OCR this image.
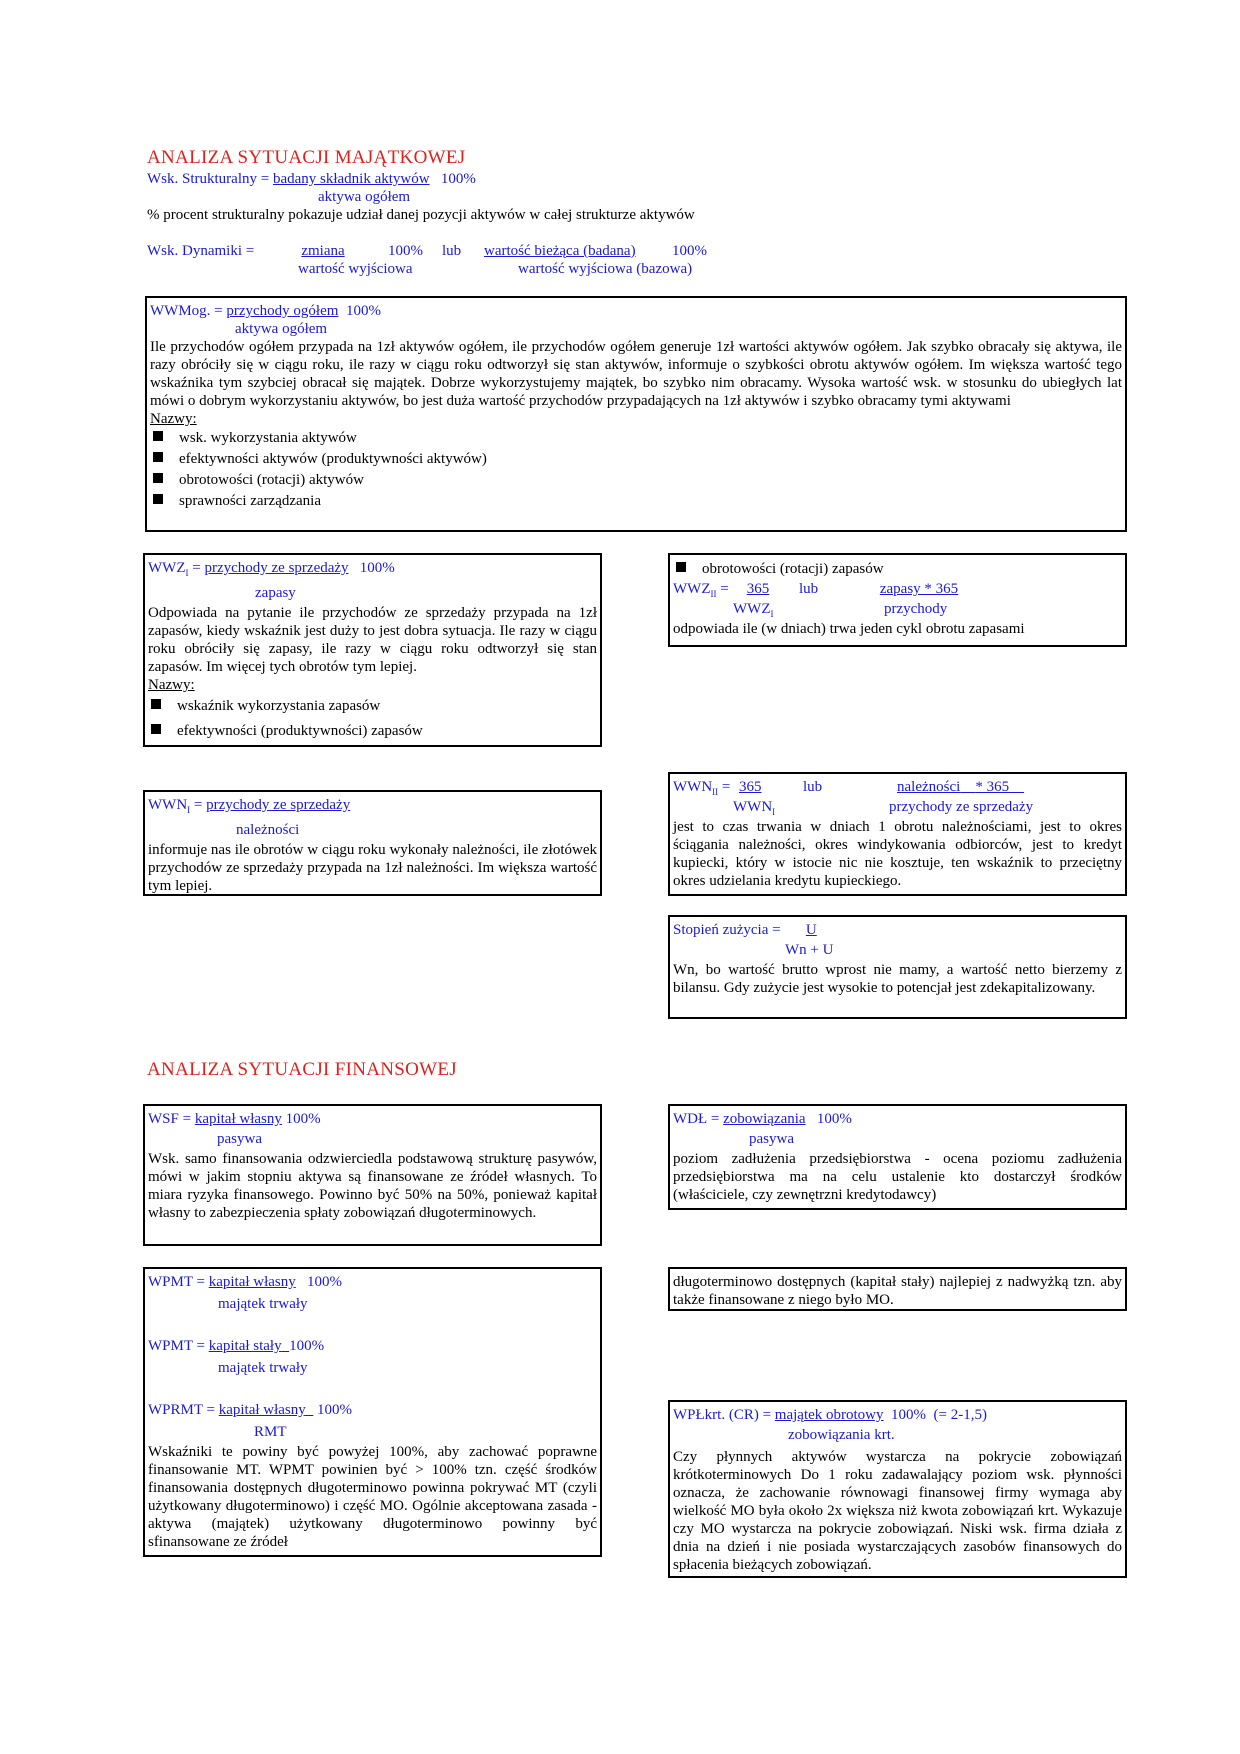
ANALIZA SYTUACJI MAJĄTKOWEJ
Wsk. Strukturalny = badany składnik aktywów 100%
aktywa ogółem
% procent strukturalny pokazuje udział danej pozycji aktywów w całej strukturze aktywów
Wsk. Dynamiki =	zmiana	100% lub wartość bieżąca (badana)	100%
wartość wyjściowa	wartość wyjściowa (bazowa)
WWMog. = przychody ogółem 100%
aktywa ogółem
Ile przychodów ogółem przypada na 1zł aktywów ogółem, ile przychodów ogółem generuje 1zł wartości aktywów ogółem. Jak szybko obracały się aktywa, ile razy obróciły się w ciągu roku, ile razy w ciągu roku odtworzył się stan aktywów, informuje o szybkości obrotu aktywów ogółem. Im większa wartość tego wskaźnika tym szybciej obracał się majątek. Dobrze wykorzystujemy majątek, bo szybko nim obracamy. Wysoka wartość wsk. w stosunku do ubiegłych lat mówi o dobrym wykorzystaniu aktywów, bo jest duża wartość przychodów przypadających na 1zł aktywów i szybko obracamy tymi aktywami
Nazwy:
wsk. wykorzystania aktywów
efektywności aktywów (produktywności aktywów)
obrotowości (rotacji) aktywów
sprawności zarządzania
$WWZ_I$ = przychody ze sprzedaży 100%
zapasy
Odpowiada na pytanie ile przychodów ze sprzedaży przypada na 1zł zapasów, kiedy wskaźnik jest duży to jest dobra sytuacja. Ile razy w ciągu roku obróciły się zapasy, ile razy w ciągu roku odtworzył się stan zapasów. Im więcej tych obrotów tym lepiej.
Nazwy:
wskaźnik wykorzystania zapasów
efektywności (produktywności) zapasów
obrotowości (rotacji) zapasów
$WWZ_{II}$ =	365	lub	zapasy * 365
$WWZ_I$	przychody
odpowiada ile (w dniach) trwa jeden cykl obrotu zapasami
$WWN_I$ = przychody ze sprzedaży
należności
informuje nas ile obrotów w ciągu roku wykonały należności, ile złotówek przychodów ze sprzedaży przypada na 1zł należności. Im większa wartość tym lepiej.
$WWN_{II} = 365$	lub	należności * 365
$WWN_I$	przychody ze sprzedaży
jest to czas trwania w dniach 1 obrotu należnościami, jest to okres ściągania należności, okres windykowania odbiorców, jest to kredyt kupiecki, który w istocie nic nie kosztuje, ten wskaźnik to przeciętny okres udzielania kredytu kupieckiego.
Stopień zużycia = U
Wn + U
Wn, bo wartość brutto wprost nie mamy, a wartość netto bierzemy z bilansu. Gdy zużycie jest wysokie to potencjał jest zdekapitalizowany.
ANALIZA SYTUACJI FINANSOWEJ
WSF = kapitał własny 100%
pasywa
Wsk. samo finansowania odzwierciedla podstawową strukturę pasywów, mówi w jakim stopniu aktywa są finansowane ze źródeł własnych. To miara ryzyka finansowego. Powinno być 50% na 50%, ponieważ kapitał własny to zabezpieczenia spłaty zobowiązań długoterminowych.
WDŁ = zobowiązania 100%
pasywa
poziom zadłużenia przedsiębiorstwa - ocena poziomu zadłużenia przedsiębiorstwa ma na celu ustalenie kto dostarczył środków (właściciele, czy zewnętrzni kredytodawcy)
WPMT = kapitał własny 100%
majątek trwały
WPMT = kapitał stały 100%
majątek trwały
WPRMT = kapitał własny 100%
RMT
Wskaźniki te powiny być powyżej 100%, aby zachować poprawne finansowanie MT. WPMT powinien być > 100% tzn. część środków finansowania dostępnych długoterminowo powinna pokrywać MT (czyli użytkowany długoterminowo) i część MO. Ogólnie akceptowana zasada - aktywa (majątek) użytkowany długoterminowo powinny być sfinansowane ze źródeł
długoterminowo dostępnych (kapitał stały) najlepiej z nadwyżką tzn. aby także finansowane z niego było MO.
WPŁkrt. (CR) = majątek obrotowy 100% (= 2-1,5)
zobowiązania krt.
Czy płynnych aktywów wystarcza na pokrycie zobowiązań krótkoterminowych Do 1 roku zadawalający poziom wsk. płynności oznacza, że zachowanie równowagi finansowej firmy wymaga aby wielkość MO była około 2x większa niż kwota zobowiązań krt. Wykazuje czy MO wystarcza na pokrycie zobowiązań. Niski wsk. firma działa z dnia na dzień i nie posiada wystarczających zasobów finansowych do spłacenia bieżących zobowiązań.
